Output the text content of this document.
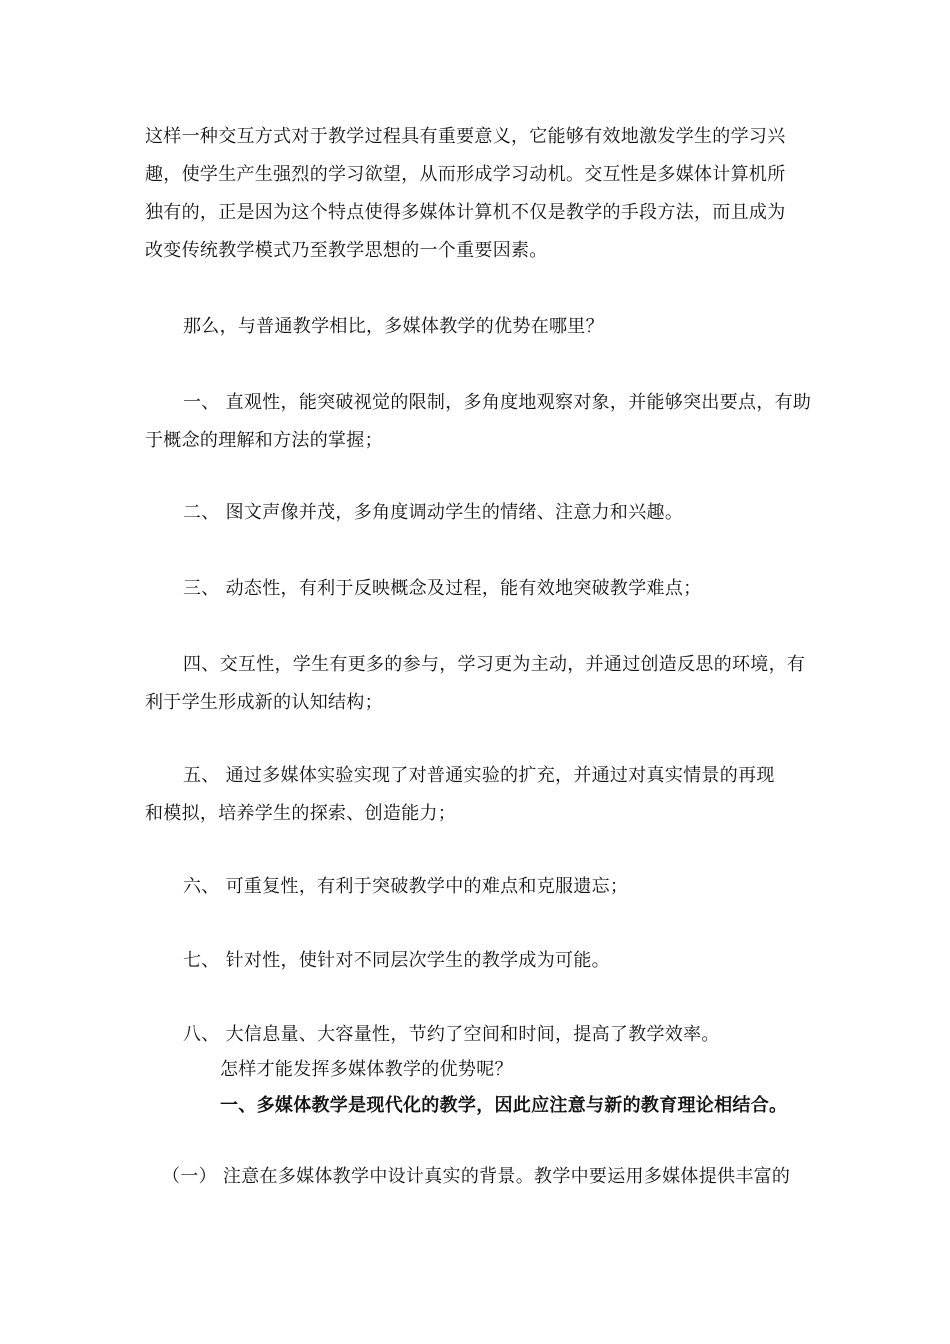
这样一种交互方式对于教学过程具有重要意义，它能够有效地激发学生的学习兴
趣，使学生产生强烈的学习欲望，从而形成学习动机。交互性是多媒体计算机所
独有的，正是因为这个特点使得多媒体计算机不仅是教学的手段方法，而且成为
改变传统教学模式乃至教学思想的一个重要因素。
那么，与普通教学相比，多媒体教学的优势在哪里？
一、 直观性，能突破视觉的限制，多角度地观察对象，并能够突出要点，有助
于概念的理解和方法的掌握；
二、 图文声像并茂，多角度调动学生的情绪、注意力和兴趣。
三、 动态性，有利于反映概念及过程，能有效地突破教学难点；
四、交互性，学生有更多的参与，学习更为主动，并通过创造反思的环境，有
利于学生形成新的认知结构；
五、 通过多媒体实验实现了对普通实验的扩充，并通过对真实情景的再现
和模拟，培养学生的探索、创造能力；
六、 可重复性，有利于突破教学中的难点和克服遗忘；
七、 针对性，使针对不同层次学生的教学成为可能。
八、 大信息量、大容量性，节约了空间和时间，提高了教学效率。
怎样才能发挥多媒体教学的优势呢？
一、多媒体教学是现代化的教学，因此应注意与新的教育理论相结合。
（一） 注意在多媒体教学中设计真实的背景。教学中要运用多媒体提供丰富的
